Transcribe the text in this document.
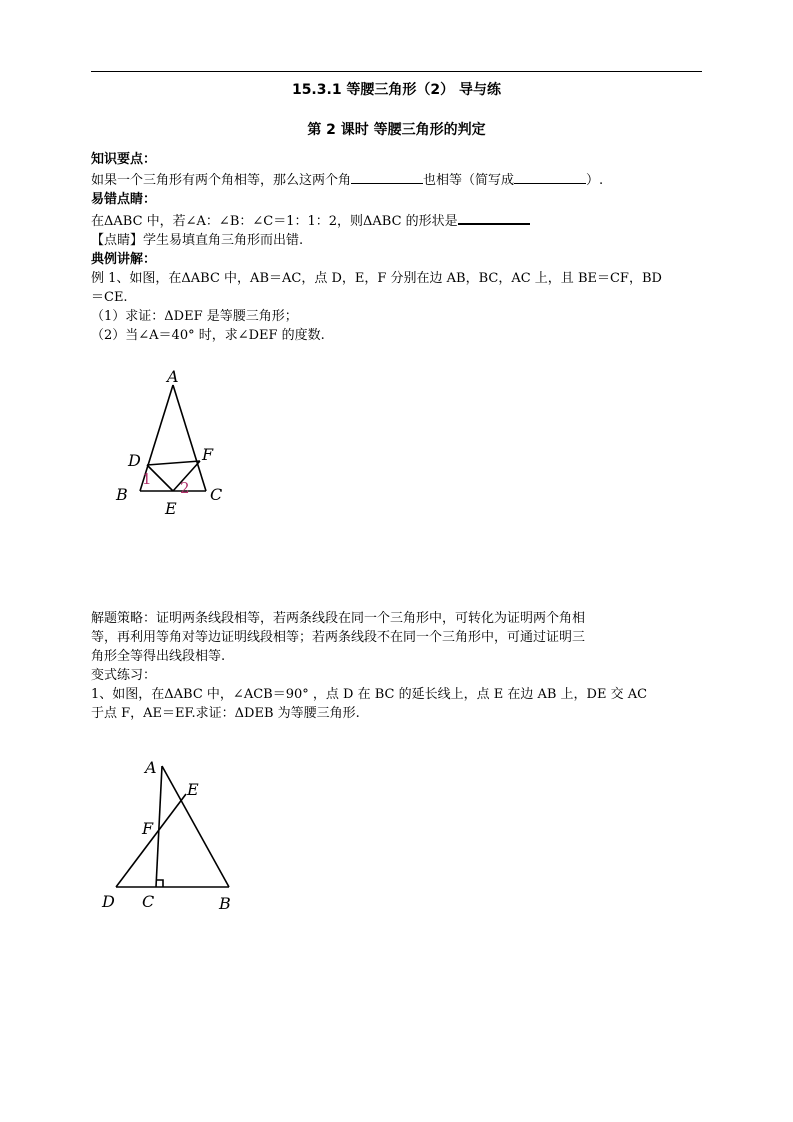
15.3.1 等腰三角形（2） 导与练
第 2 课时 等腰三角形的判定

知识要点：

如果一个三角形有两个角相等，那么这两个角	也相等（简写成	）.

易错点睛：

在ΔABC 中，若∠A：∠B：∠C＝1：1：2，则ΔABC 的形状是

【点睛】学生易填直角三角形而出错.

典例讲解：

例 1、如图，在ΔABC 中，AB＝AC，点 D，E，F 分别在边 AB，BC，AC 上，且 BE＝CF，BD

＝CE.

（1）求证：ΔDEF 是等腰三角形；

（2）当∠A＝40° 时，求∠DEF 的度数.

A
D	F
B	C
E
1 2

解题策略：证明两条线段相等，若两条线段在同一个三角形中，可转化为证明两个角相

等，再利用等角对等边证明线段相等；若两条线段不在同一个三角形中，可通过证明三

角形全等得出线段相等.

变式练习：

1、如图，在ΔABC 中，∠ACB＝90° ，点 D 在 BC 的延长线上，点 E 在边 AB 上，DE 交 AC

于点 F，AE＝EF.求证：ΔDEB 为等腰三角形.

A
E
F
D C	B
